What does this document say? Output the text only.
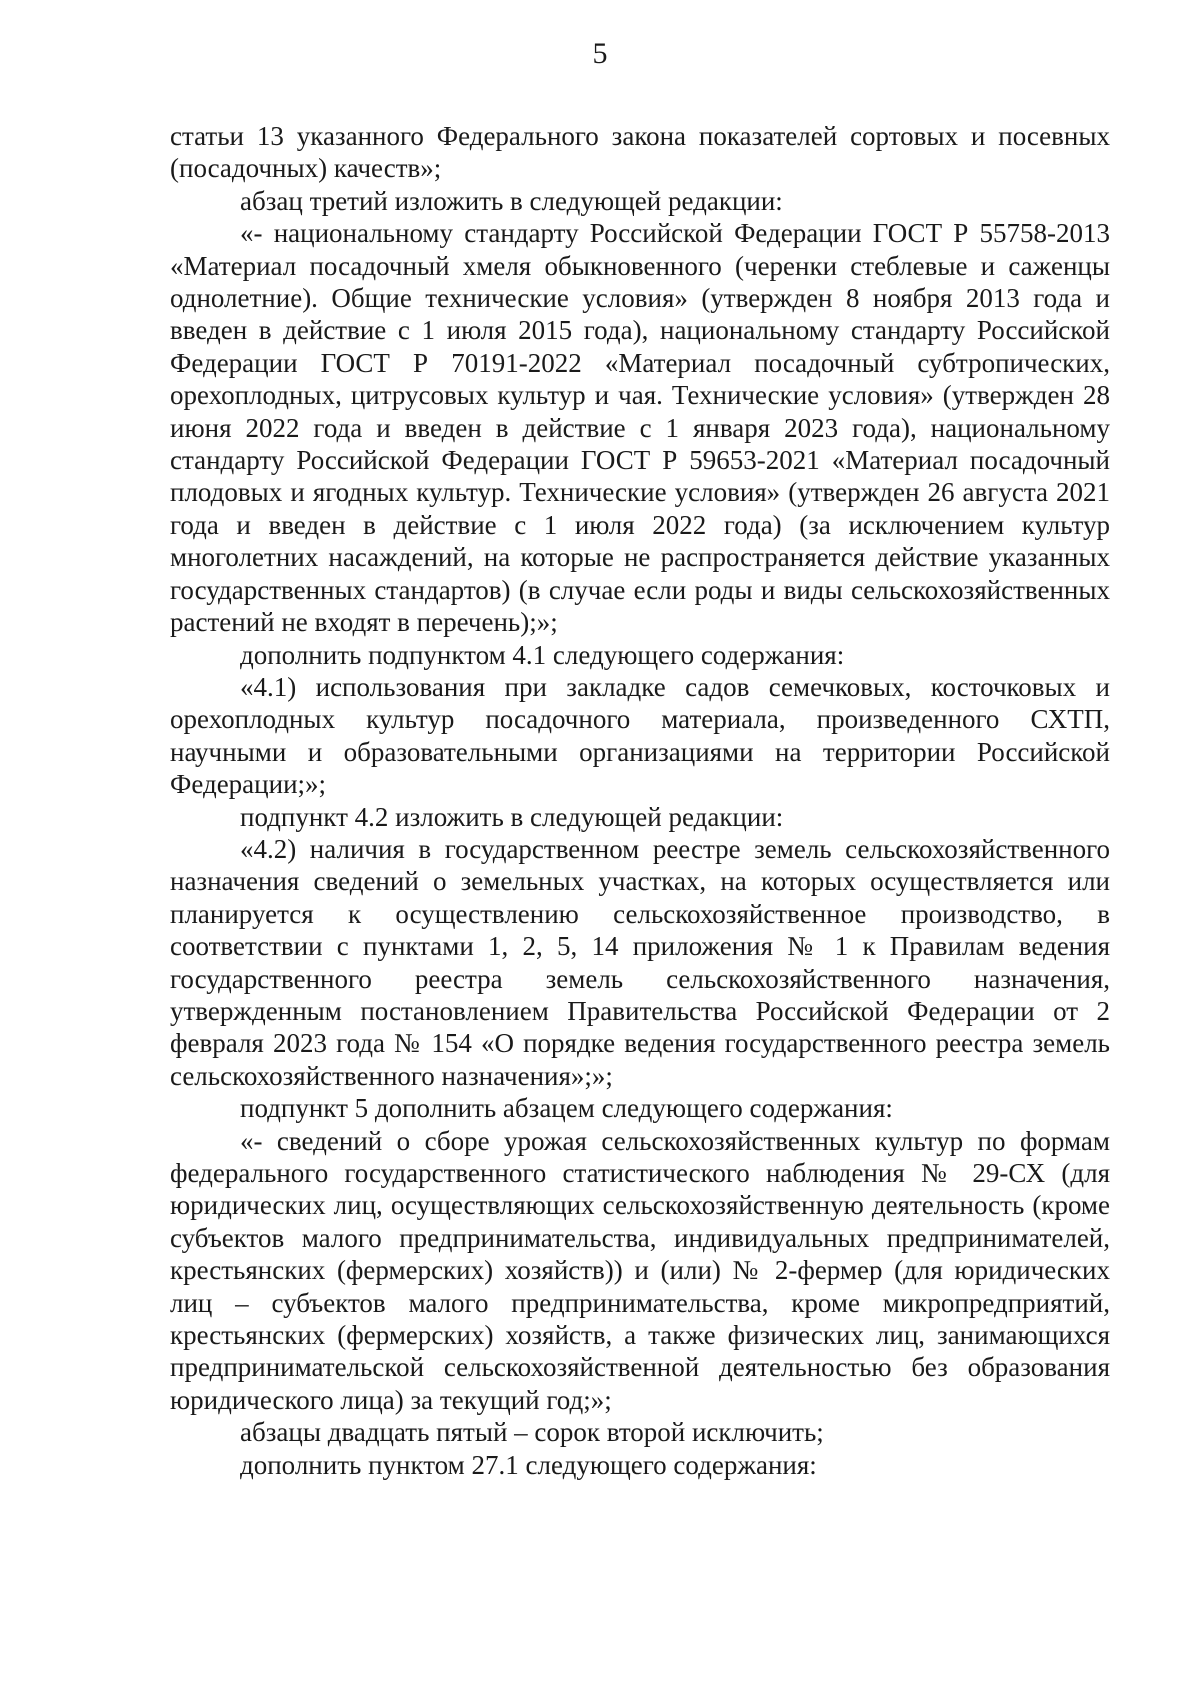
5

статьи 13 указанного Федерального закона показателей сортовых и посевных (посадочных) качеств»;

абзац третий изложить в следующей редакции:

«- национальному стандарту Российской Федерации ГОСТ Р 55758-2013 «Материал посадочный хмеля обыкновенного (черенки стеблевые и саженцы однолетние). Общие технические условия» (утвержден 8 ноября 2013 года и введен в действие с 1 июля 2015 года), национальному стандарту Российской Федерации ГОСТ Р 70191-2022 «Материал посадочный субтропических, орехоплодных, цитрусовых культур и чая. Технические условия» (утвержден 28 июня 2022 года и введен в действие с 1 января 2023 года), национальному стандарту Российской Федерации ГОСТ Р 59653-2021 «Материал посадочный плодовых и ягодных культур. Технические условия» (утвержден 26 августа 2021 года и введен в действие с 1 июля 2022 года) (за исключением культур многолетних насаждений, на которые не распространяется действие указанных государственных стандартов) (в случае если роды и виды сельскохозяйственных растений не входят в перечень);»;

дополнить подпунктом 4.1 следующего содержания:

«4.1) использования при закладке садов семечковых, косточковых и орехоплодных культур посадочного материала, произведенного СХТП, научными и образовательными организациями на территории Российской Федерации;»;

подпункт 4.2 изложить в следующей редакции:

«4.2) наличия в государственном реестре земель сельскохозяйственного назначения сведений о земельных участках, на которых осуществляется или планируется к осуществлению сельскохозяйственное производство, в соответствии с пунктами 1, 2, 5, 14 приложения № 1 к Правилам ведения государственного реестра земель сельскохозяйственного назначения, утвержденным постановлением Правительства Российской Федерации от 2 февраля 2023 года № 154 «О порядке ведения государственного реестра земель сельскохозяйственного назначения»;»;

подпункт 5 дополнить абзацем следующего содержания:

«- сведений о сборе урожая сельскохозяйственных культур по формам федерального государственного статистического наблюдения № 29-СХ (для юридических лиц, осуществляющих сельскохозяйственную деятельность (кроме субъектов малого предпринимательства, индивидуальных предпринимателей, крестьянских (фермерских) хозяйств)) и (или) № 2-фермер (для юридических лиц – субъектов малого предпринимательства, кроме микропредприятий, крестьянских (фермерских) хозяйств, а также физических лиц, занимающихся предпринимательской сельскохозяйственной деятельностью без образования юридического лица) за текущий год;»;

абзацы двадцать пятый – сорок второй исключить;

дополнить пунктом 27.1 следующего содержания:
